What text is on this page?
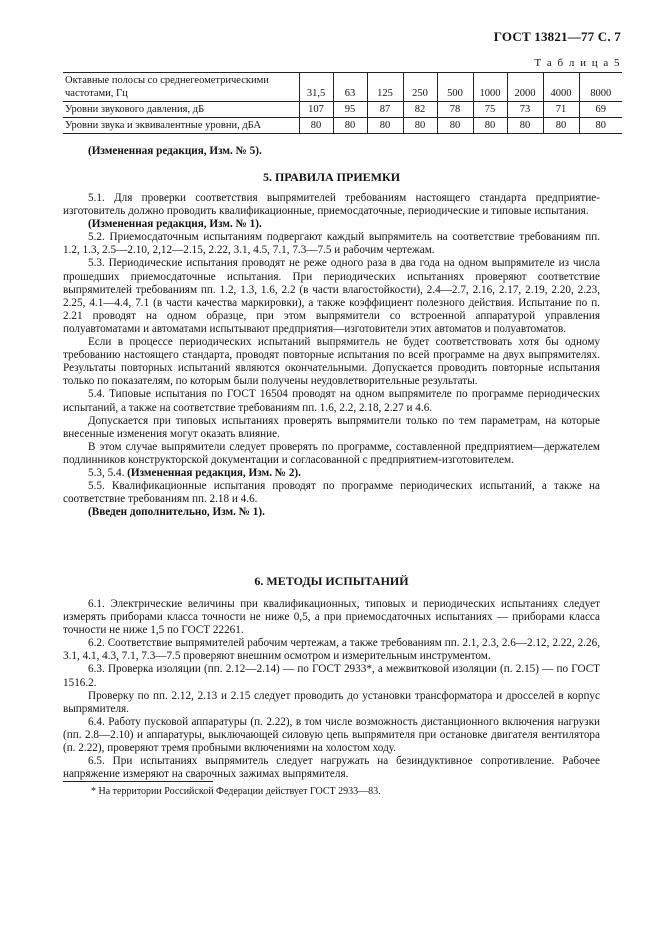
ГОСТ 13821—77 С. 7
Т а б л и ц а 5
Октавные полосы со среднегеометрическими частотами, Гц	31,5	63	125	250	500	1000	2000	4000	8000
Уровни звукового давления, дБ	107	95	87	82	78	75	73	71	69
Уровни звука и эквивалентные уровни, дБА	80	80	80	80	80	80	80	80	80

(Измененная редакция, Изм. № 5).

5. ПРАВИЛА ПРИЕМКИ

5.1. Для проверки соответствия выпрямителей требованиям настоящего стандарта предприятие-изготовитель должно проводить квалификационные, приемосдаточные, периодические и типовые испытания.

(Измененная редакция, Изм. № 1).

5.2. Приемосдаточным испытаниям подвергают каждый выпрямитель на соответствие требованиям пп. 1.2, 1.3, 2.5—2.10, 2,12—2.15, 2.22, 3.1, 4.5, 7.1, 7.3—7.5 и рабочим чертежам.

5.3. Периодические испытания проводят не реже одного раза в два года на одном выпрямителе из числа прошедших приемосдаточные испытания. При периодических испытаниях проверяют соответствие выпрямителей требованиям пп. 1.2, 1.3, 1.6, 2.2 (в части влагостойкости), 2.4—2.7, 2.16, 2.17, 2.19, 2.20, 2.23, 2.25, 4.1—4.4, 7.1 (в части качества маркировки), а также коэффициент полезного действия. Испытание по п. 2.21 проводят на одном образце, при этом выпрямители со встроенной аппаратурой управления полуавтоматами и автоматами испытывают предприятия—изготовители этих автоматов и полуавтоматов.

Если в процессе периодических испытаний выпрямитель не будет соответствовать хотя бы одному требованию настоящего стандарта, проводят повторные испытания по всей программе на двух выпрямителях. Результаты повторных испытаний являются окончательными. Допускается проводить повторные испытания только по показателям, по которым были получены неудовлетворительные результаты.

5.4. Типовые испытания по ГОСТ 16504 проводят на одном выпрямителе по программе периодических испытаний, а также на соответствие требованиям пп. 1.6, 2.2, 2.18, 2.27 и 4.6.

Допускается при типовых испытаниях проверять выпрямители только по тем параметрам, на которые внесенные изменения могут оказать влияние.

В этом случае выпрямители следует проверять по программе, составленной предприятием—держателем подлинников конструкторской документации и согласованной с предприятием-изготовителем.

5.3, 5.4. (Измененная редакция, Изм. № 2).

5.5. Квалификационные испытания проводят по программе периодических испытаний, а также на соответствие требованиям пп. 2.18 и 4.6.

(Введен дополнительно, Изм. № 1).

6. МЕТОДЫ ИСПЫТАНИЙ

6.1. Электрические величины при квалификационных, типовых и периодических испытаниях следует измерять приборами класса точности не ниже 0,5, а при приемосдаточных испытаниях — приборами класса точности не ниже 1,5 по ГОСТ 22261.

6.2. Соответствие выпрямителей рабочим чертежам, а также требованиям пп. 2.1, 2.3, 2.6—2.12, 2.22, 2.26, 3.1, 4.1, 4.3, 7.1, 7.3—7.5 проверяют внешним осмотром и измерительным инструментом.

6.3. Проверка изоляции (пп. 2.12—2.14) — по ГОСТ 2933*, а межвитковой изоляции (п. 2.15) — по ГОСТ 1516.2.

Проверку по пп. 2.12, 2.13 и 2.15 следует проводить до установки трансформатора и дросселей в корпус выпрямителя.

6.4. Работу пусковой аппаратуры (п. 2.22), в том числе возможность дистанционного включения нагрузки (пп. 2.8—2.10) и аппаратуры, выключающей силовую цепь выпрямителя при остановке двигателя вентилятора (п. 2.22), проверяют тремя пробными включениями на холостом ходу.

6.5. При испытаниях выпрямитель следует нагружать на безиндуктивное сопротивление. Рабочее напряжение измеряют на сварочных зажимах выпрямителя.

* На территории Российской Федерации действует ГОСТ 2933—83.
